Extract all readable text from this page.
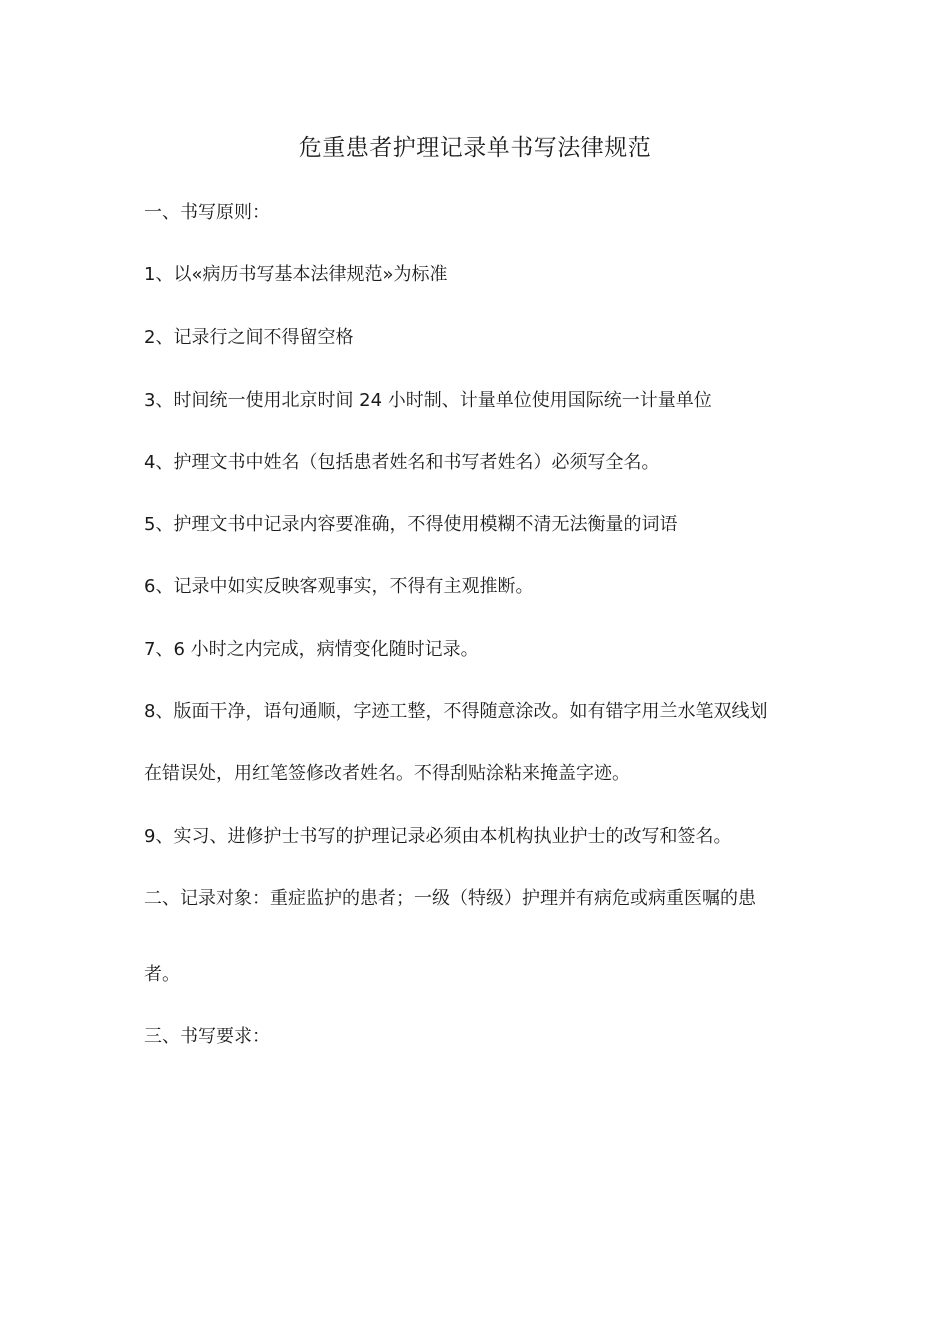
危重患者护理记录单书写法律规范

一、书写原则：

1、以«病历书写基本法律规范»为标准

2、记录行之间不得留空格

3、时间统一使用北京时间 24 小时制、计量单位使用国际统一计量单位

4、护理文书中姓名（包括患者姓名和书写者姓名）必须写全名。

5、护理文书中记录内容要准确，不得使用模糊不清无法衡量的词语

6、记录中如实反映客观事实，不得有主观推断。

7、6 小时之内完成，病情变化随时记录。

8、版面干净，语句通顺，字迹工整，不得随意涂改。如有错字用兰水笔双线划

在错误处，用红笔签修改者姓名。不得刮贴涂粘来掩盖字迹。

9、实习、进修护士书写的护理记录必须由本机构执业护士的改写和签名。

二、记录对象：重症监护的患者；一级（特级）护理并有病危或病重医嘱的患

者。

三、书写要求：
